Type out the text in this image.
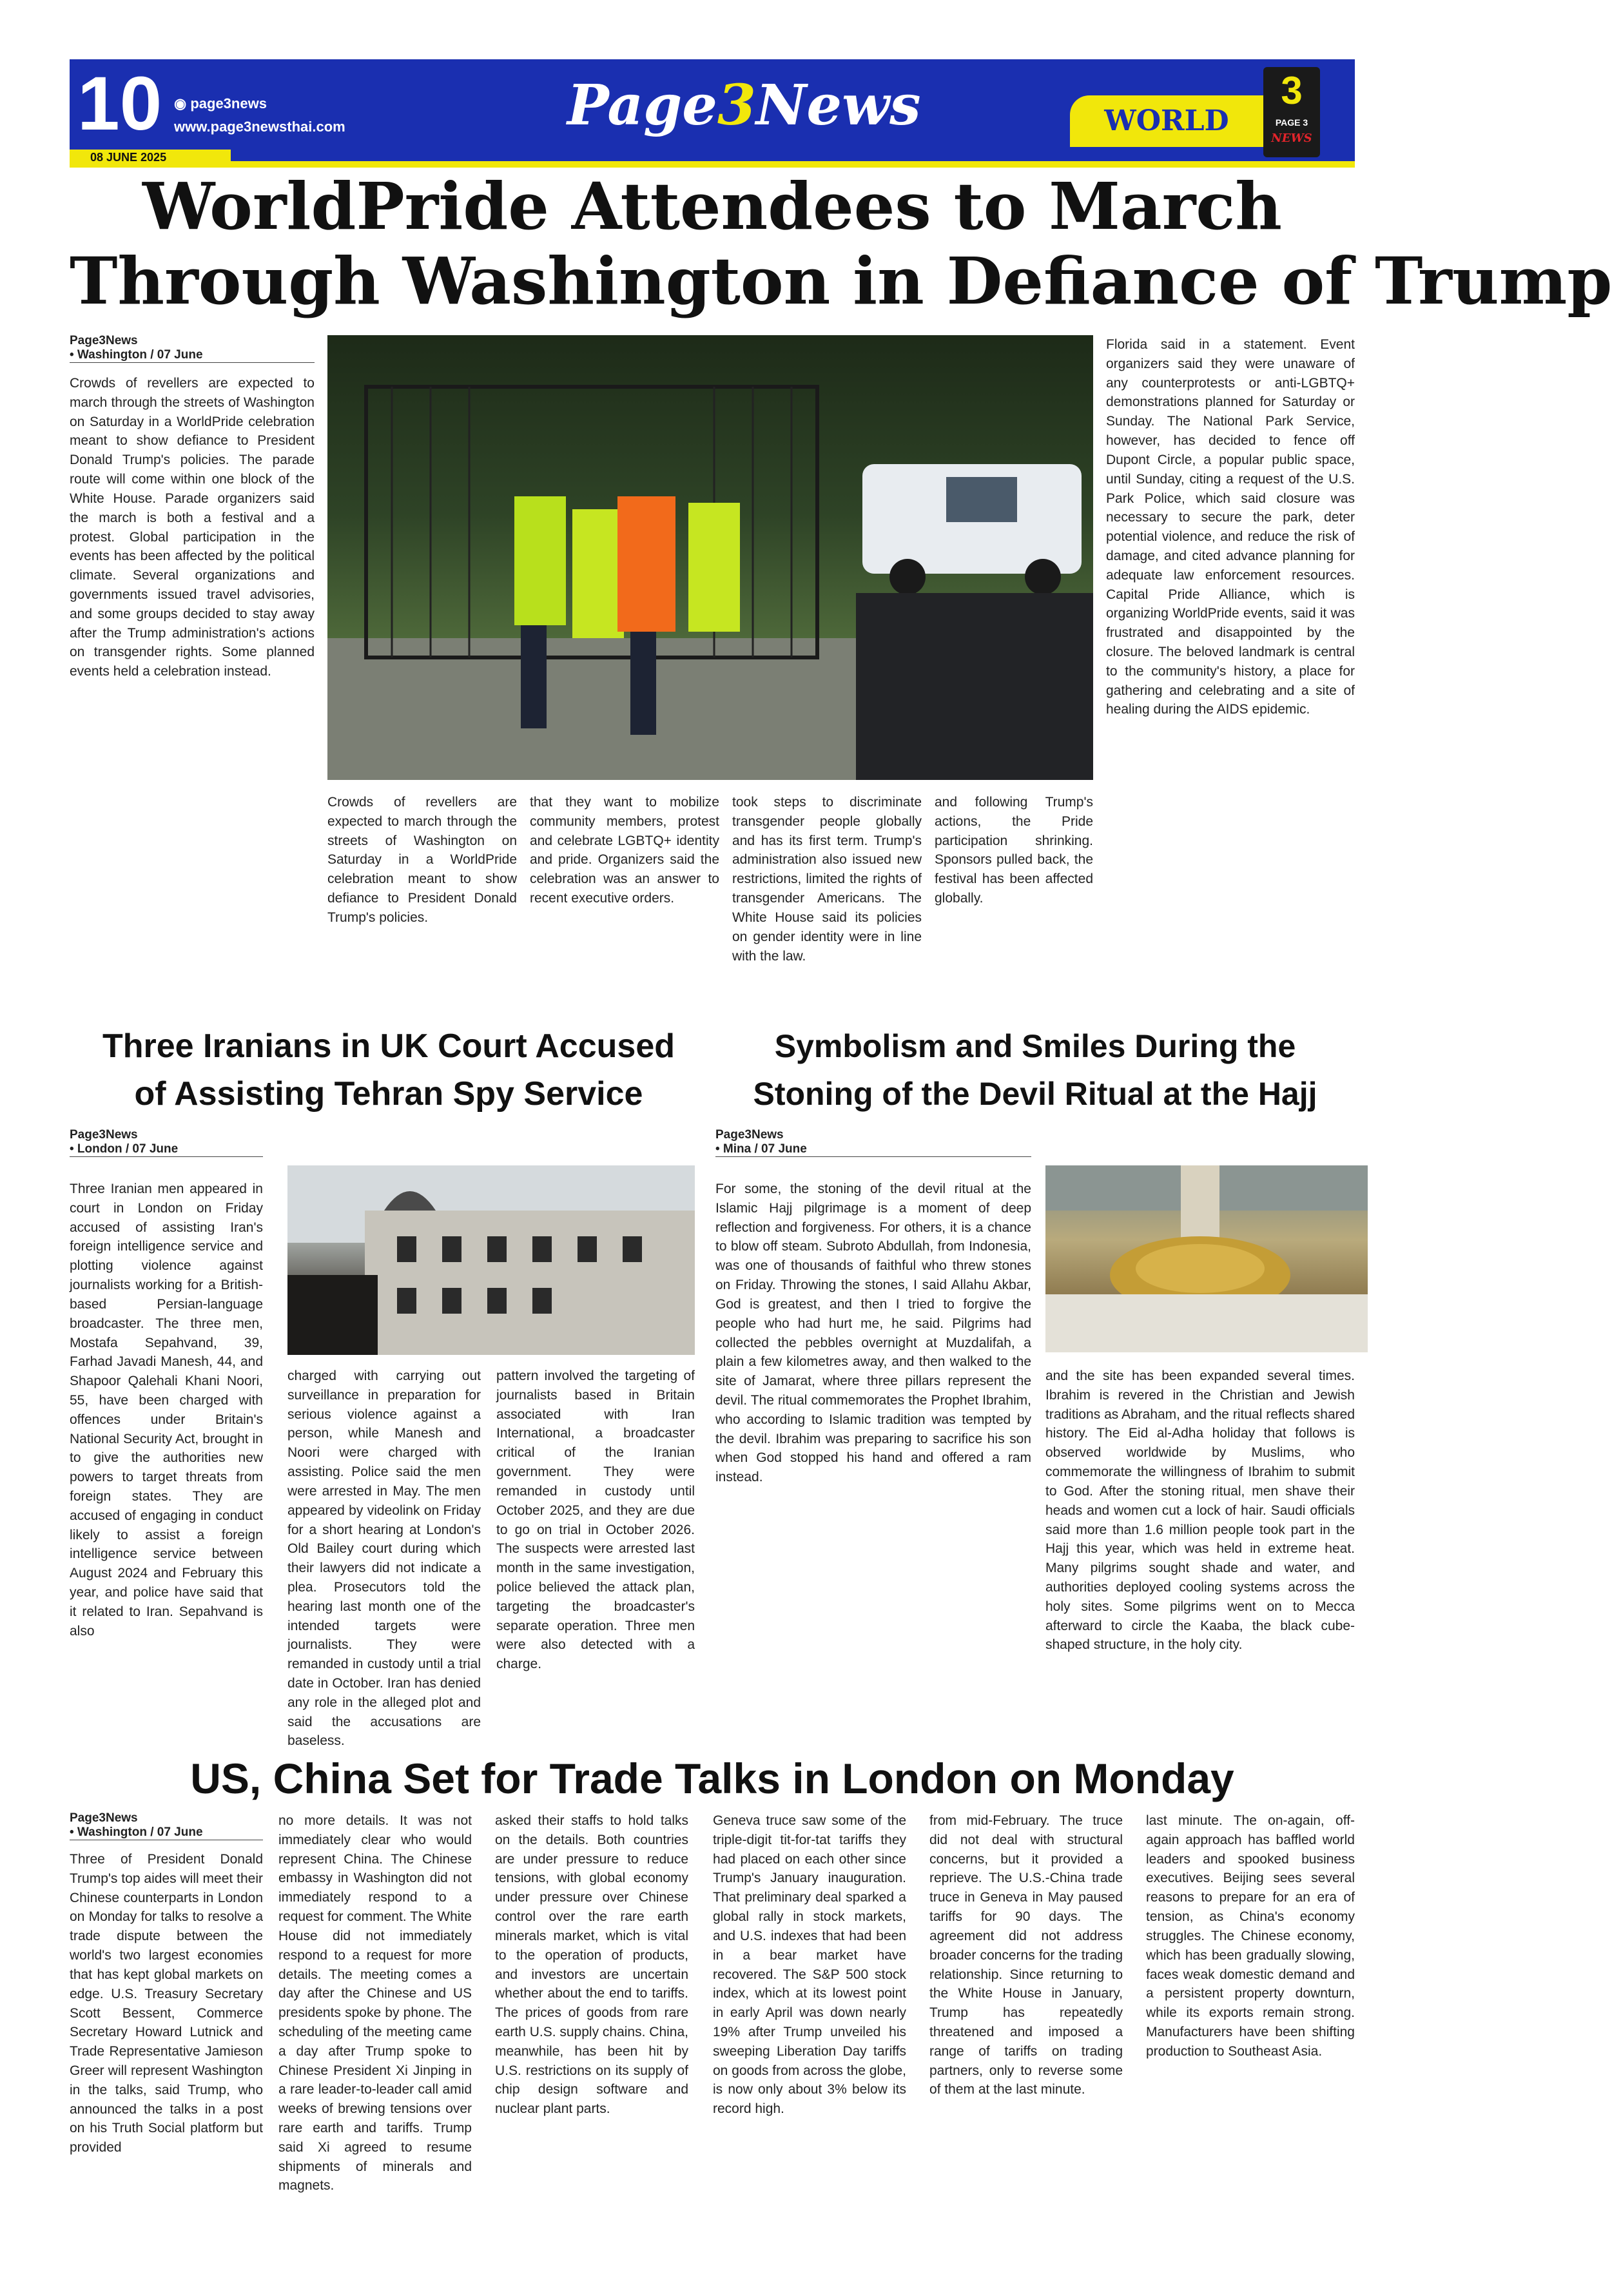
10 ◉ page3news
www.page3newsthai.com
08 JUNE 2025
Page3News	WORLD
3
PAGE 3
NEWS
WorldPride Attendees to March
Through Washington in Defiance of Trump
Page3News
• Washington / 07 June
Crowds of revellers are expected to march through the streets of Washington on Saturday in a WorldPride celebration meant to show defiance to President Donald Trump's policies. The parade route will come within one block of the White House. Parade organizers said the march is both a festival and a protest. Global participation in the events has been affected by the political climate. Several organizations and governments issued travel advisories, and some groups decided to stay away after the Trump administration's actions on transgender rights. Some planned events held a celebration instead.
Florida said in a statement. Event organizers said they were unaware of any counterprotests or anti-LGBTQ+ demonstrations planned for Saturday or Sunday. The National Park Service, however, has decided to fence off Dupont Circle, a popular public space, until Sunday, citing a request of the U.S. Park Police, which said closure was necessary to secure the park, deter potential violence, and reduce the risk of damage, and cited advance planning for adequate law enforcement resources. Capital Pride Alliance, which is organizing WorldPride events, said it was frustrated and disappointed by the closure. The beloved landmark is central to the community's history, a place for gathering and celebrating and a site of healing during the AIDS epidemic.
Crowds of revellers are expected to march through the streets of Washington on Saturday in a WorldPride celebration meant to show defiance to President Donald Trump's policies.
that they want to mobilize community members, protest and celebrate LGBTQ+ identity and pride. Organizers said the celebration was an answer to recent executive orders.
took steps to discriminate transgender people globally and has its first term. Trump's administration also issued new restrictions, limited the rights of transgender Americans. The White House said its policies on gender identity were in line with the law.
and following Trump's actions, the Pride participation shrinking. Sponsors pulled back, the festival has been affected globally.
Three Iranians in UK Court Accused
of Assisting Tehran Spy Service
Page3News
• London / 07 June
Three Iranian men appeared in court in London on Friday accused of assisting Iran's foreign intelligence service and plotting violence against journalists working for a British-based Persian-language broadcaster. The three men, Mostafa Sepahvand, 39, Farhad Javadi Manesh, 44, and Shapoor Qalehali Khani Noori, 55, have been charged with offences under Britain's National Security Act, brought in to give the authorities new powers to target threats from foreign states. They are accused of engaging in conduct likely to assist a foreign intelligence service between August 2024 and February this year, and police have said that it related to Iran. Sepahvand is also
charged with carrying out surveillance in preparation for serious violence against a person, while Manesh and Noori were charged with assisting. Police said the men were arrested in May. The men appeared by videolink on Friday for a short hearing at London's Old Bailey court during which their lawyers did not indicate a plea. Prosecutors told the hearing last month one of the intended targets were journalists. They were remanded in custody until a trial date in October. Iran has denied any role in the alleged plot and said the accusations are baseless.
pattern involved the targeting of journalists based in Britain associated with Iran International, a broadcaster critical of the Iranian government. They were remanded in custody until October 2025, and they are due to go on trial in October 2026. The suspects were arrested last month in the same investigation, police believed the attack plan, targeting the broadcaster's separate operation. Three men were also detected with a charge.
Symbolism and Smiles During the
Stoning of the Devil Ritual at the Hajj
Page3News
• Mina / 07 June
For some, the stoning of the devil ritual at the Islamic Hajj pilgrimage is a moment of deep reflection and forgiveness. For others, it is a chance to blow off steam. Subroto Abdullah, from Indonesia, was one of thousands of faithful who threw stones on Friday. Throwing the stones, I said Allahu Akbar, God is greatest, and then I tried to forgive the people who had hurt me, he said. Pilgrims had collected the pebbles overnight at Muzdalifah, a plain a few kilometres away, and then walked to the site of Jamarat, where three pillars represent the devil. The ritual commemorates the Prophet Ibrahim, who according to Islamic tradition was tempted by the devil. Ibrahim was preparing to sacrifice his son when God stopped his hand and offered a ram instead.
and the site has been expanded several times. Ibrahim is revered in the Christian and Jewish traditions as Abraham, and the ritual reflects shared history. The Eid al-Adha holiday that follows is observed worldwide by Muslims, who commemorate the willingness of Ibrahim to submit to God. After the stoning ritual, men shave their heads and women cut a lock of hair. Saudi officials said more than 1.6 million people took part in the Hajj this year, which was held in extreme heat. Many pilgrims sought shade and water, and authorities deployed cooling systems across the holy sites. Some pilgrims went on to Mecca afterward to circle the Kaaba, the black cube-shaped structure, in the holy city.
US, China Set for Trade Talks in London on Monday
Page3News
• Washington / 07 June
Three of President Donald Trump's top aides will meet their Chinese counterparts in London on Monday for talks to resolve a trade dispute between the world's two largest economies that has kept global markets on edge. U.S. Treasury Secretary Scott Bessent, Commerce Secretary Howard Lutnick and Trade Representative Jamieson Greer will represent Washington in the talks, said Trump, who announced the talks in a post on his Truth Social platform but provided
no more details. It was not immediately clear who would represent China. The Chinese embassy in Washington did not immediately respond to a request for comment. The White House did not immediately respond to a request for more details. The meeting comes a day after the Chinese and US presidents spoke by phone. The scheduling of the meeting came a day after Trump spoke to Chinese President Xi Jinping in a rare leader-to-leader call amid weeks of brewing tensions over rare earth and tariffs. Trump said Xi agreed to resume shipments of minerals and magnets.
asked their staffs to hold talks on the details. Both countries are under pressure to reduce tensions, with global economy under pressure over Chinese control over the rare earth minerals market, which is vital to the operation of products, and investors are uncertain whether about the end to tariffs. The prices of goods from rare earth U.S. supply chains. China, meanwhile, has been hit by U.S. restrictions on its supply of chip design software and nuclear plant parts.
Geneva truce saw some of the triple-digit tit-for-tat tariffs they had placed on each other since Trump's January inauguration. That preliminary deal sparked a global rally in stock markets, and U.S. indexes that had been in a bear market have recovered. The S&P 500 stock index, which at its lowest point in early April was down nearly 19% after Trump unveiled his sweeping Liberation Day tariffs on goods from across the globe, is now only about 3% below its record high.
from mid-February. The truce did not deal with structural concerns, but it provided a reprieve. The U.S.-China trade truce in Geneva in May paused tariffs for 90 days. The agreement did not address broader concerns for the trading relationship. Since returning to the White House in January, Trump has repeatedly threatened and imposed a range of tariffs on trading partners, only to reverse some of them at the last minute.
last minute. The on-again, off-again approach has baffled world leaders and spooked business executives. Beijing sees several reasons to prepare for an era of tension, as China's economy struggles. The Chinese economy, which has been gradually slowing, faces weak domestic demand and a persistent property downturn, while its exports remain strong. Manufacturers have been shifting production to Southeast Asia.
